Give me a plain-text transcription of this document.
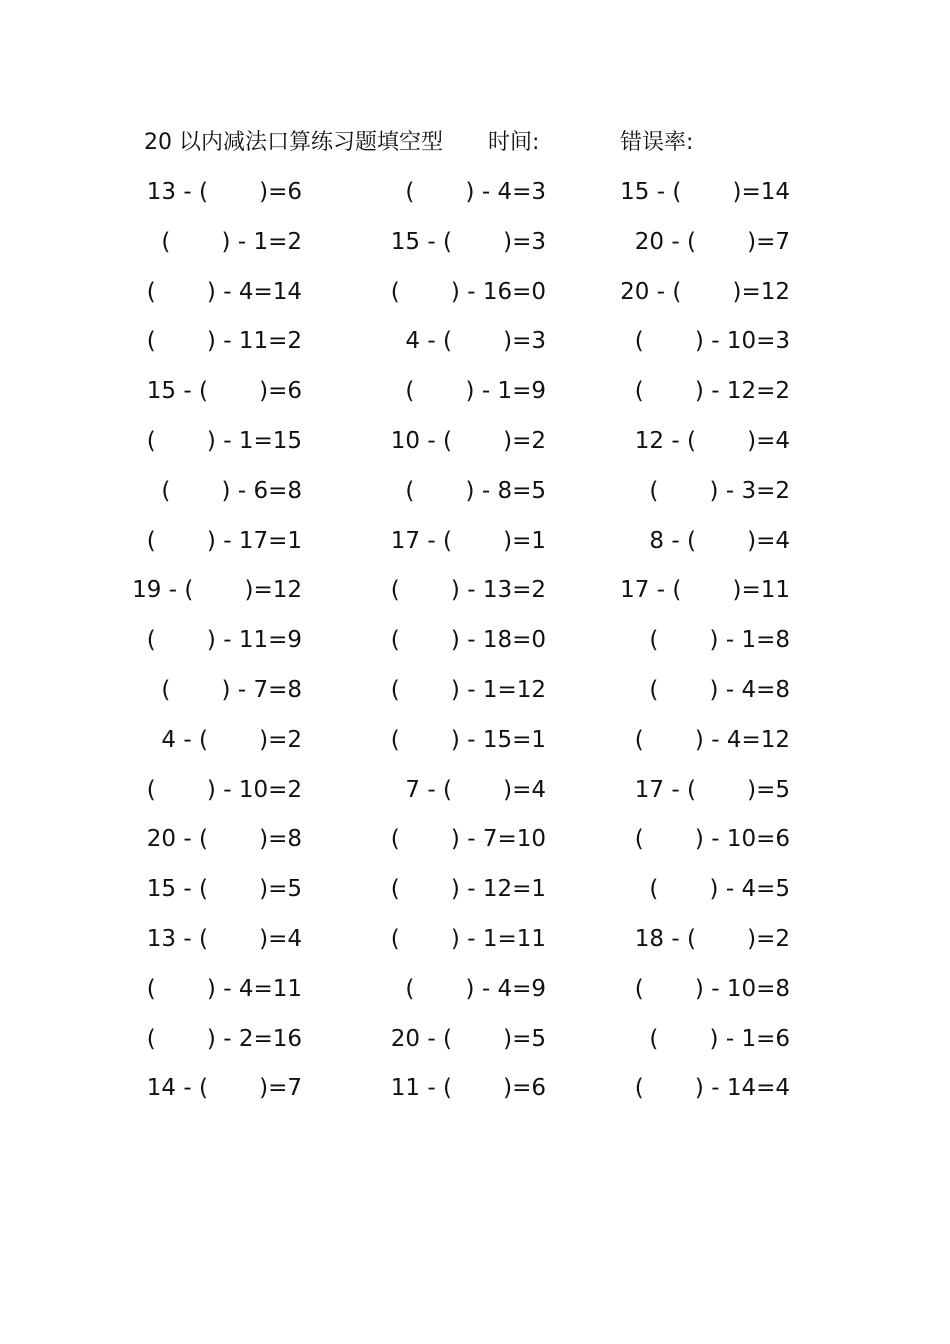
20 以内减法口算练习题填空型 时间:	错误率:
13 - (       )=6	(       ) - 4=3	15 - (       )=14
(       ) - 1=2	15 - (       )=3	20 - (       )=7
(       ) - 4=14	(       ) - 16=0	20 - (       )=12
(       ) - 11=2	4 - (       )=3	(       ) - 10=3
15 - (       )=6	(       ) - 1=9	(       ) - 12=2
(       ) - 1=15	10 - (       )=2	12 - (       )=4
(       ) - 6=8	(       ) - 8=5	(       ) - 3=2
(       ) - 17=1	17 - (       )=1	8 - (       )=4
19 - (       )=12	(       ) - 13=2	17 - (       )=11
(       ) - 11=9	(       ) - 18=0	(       ) - 1=8
(       ) - 7=8	(       ) - 1=12	(       ) - 4=8
4 - (       )=2	(       ) - 15=1	(       ) - 4=12
(       ) - 10=2	7 - (       )=4	17 - (       )=5
20 - (       )=8	(       ) - 7=10	(       ) - 10=6
15 - (       )=5	(       ) - 12=1	(       ) - 4=5
13 - (       )=4	(       ) - 1=11	18 - (       )=2
(       ) - 4=11	(       ) - 4=9	(       ) - 10=8
(       ) - 2=16	20 - (       )=5	(       ) - 1=6
14 - (       )=7	11 - (       )=6	(       ) - 14=4
